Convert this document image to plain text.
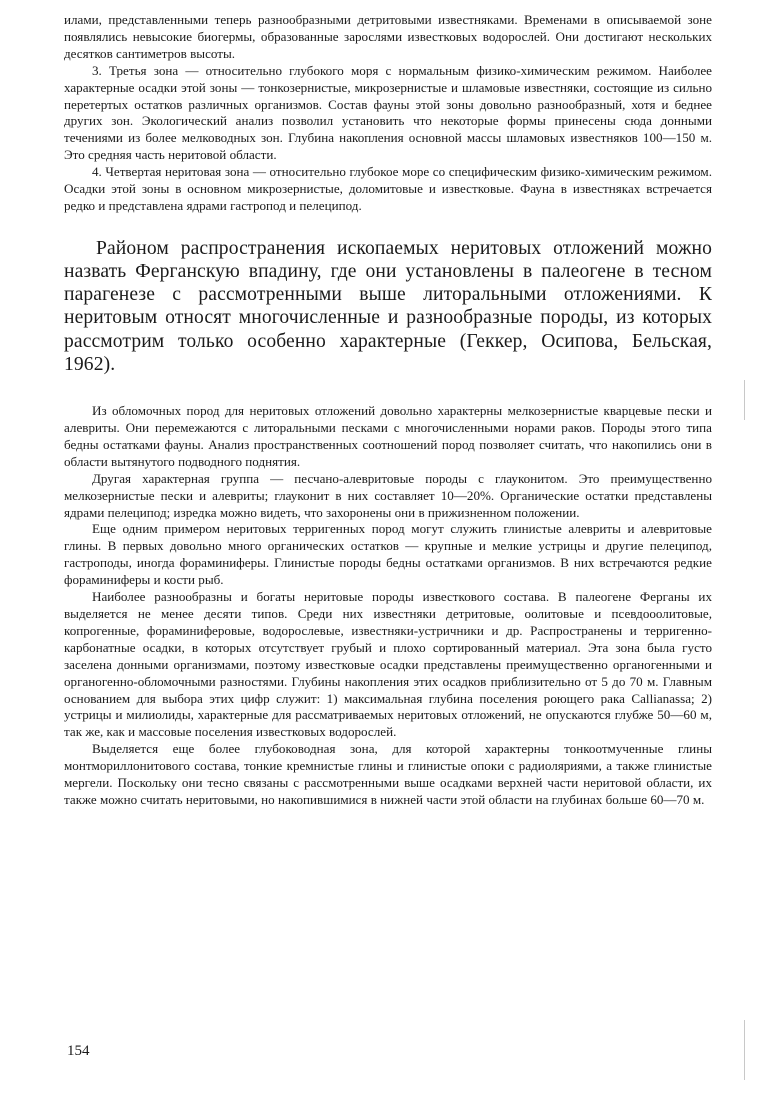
илами, представленными теперь разнообразными детритовыми известняками. Временами в описываемой зоне появлялись невысокие биогермы, образованные зарослями известковых водорослей. Они достигают нескольких десятков сантиметров высоты.

3. Третья зона — относительно глубокого моря с нормальным физико-химическим режимом. Наиболее характерные осадки этой зоны — тонкозернистые, микрозернистые и шламовые известняки, состоящие из сильно перетертых остатков различных организмов. Состав фауны этой зоны довольно разнообразный, хотя и беднее других зон. Экологический анализ позволил установить что некоторые формы принесены сюда донными течениями из более мелководных зон. Глубина накопления основной массы шламовых известняков 100—150 м. Это средняя часть неритовой области.

4. Четвертая неритовая зона — относительно глубокое море со специфическим физико-химическим режимом. Осадки этой зоны в основном микрозернистые, доломитовые и известковые. Фауна в известняках встречается редко и представлена ядрами гастропод и пелеципод.

Районом распространения ископаемых неритовых отложений можно назвать Ферганскую впадину, где они установлены в палеогене в тесном парагенезе с рассмотренными выше литоральными отложениями. К неритовым относят многочисленные и разнообразные породы, из которых рассмотрим только особенно характерные (Геккер, Осипова, Бельская, 1962).

Из обломочных пород для неритовых отложений довольно характерны мелкозернистые кварцевые пески и алевриты. Они перемежаются с литоральными песками с многочисленными норами раков. Породы этого типа бедны остатками фауны. Анализ пространственных соотношений пород позволяет считать, что накопились они в области вытянутого подводного поднятия.

Другая характерная группа — песчано-алевритовые породы с глауконитом. Это преимущественно мелкозернистые пески и алевриты; глауконит в них составляет 10—20%. Органические остатки представлены ядрами пелеципод; изредка можно видеть, что захоронены они в прижизненном положении.

Еще одним примером неритовых терригенных пород могут служить глинистые алевриты и алевритовые глины. В первых довольно много органических остатков — крупные и мелкие устрицы и другие пелеципод, гастроподы, иногда фораминиферы. Глинистые породы бедны остатками организмов. В них встречаются редкие фораминиферы и кости рыб.

Наиболее разнообразны и богаты неритовые породы известкового состава. В палеогене Ферганы их выделяется не менее десяти типов. Среди них известняки детритовые, оолитовые и псевдооолитовые, копрогенные, фораминиферовые, водорослевые, известняки-устричники и др. Распространены и терригенно-карбонатные осадки, в которых отсутствует грубый и плохо сортированный материал. Эта зона была густо заселена донными организмами, поэтому известковые осадки представлены преимущественно органогенными и органогенно-обломочными разностями. Глубины накопления этих осадков приблизительно от 5 до 70 м. Главным основанием для выбора этих цифр служит: 1) максимальная глубина поселения роющего рака Callianassa; 2) устрицы и милиолиды, характерные для рассматриваемых неритовых отложений, не опускаются глубже 50—60 м, так же, как и массовые поселения известковых водорослей.

Выделяется еще более глубоководная зона, для которой характерны тонкоотмученные глины монтмориллонитового состава, тонкие кремнистые глины и глинистые опоки с радиоляриями, а также глинистые мергели. Поскольку они тесно связаны с рассмотренными выше осадками верхней части неритовой области, их также можно считать неритовыми, но накопившимися в нижней части этой области на глубинах больше 60—70 м.

154
